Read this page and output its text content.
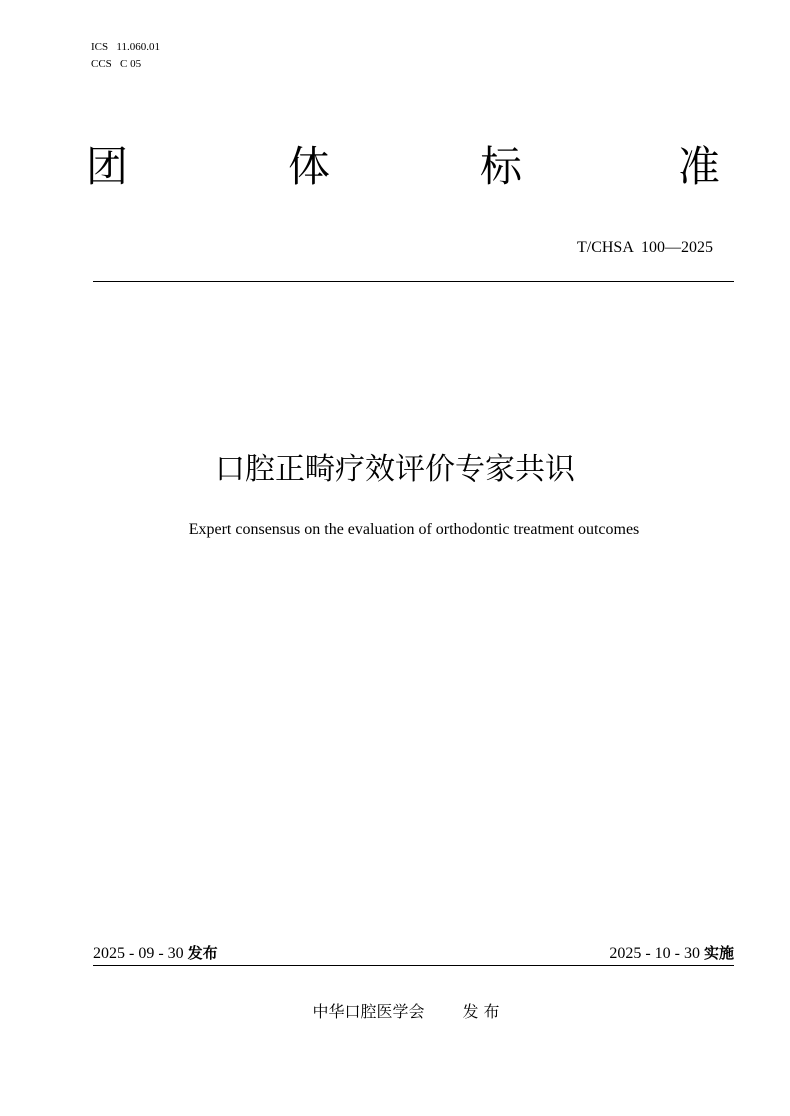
ICS   11.060.01
CCS   C 05
团	体	标	准
T/CHSA  100—2025
口腔正畸疗效评价专家共识
Expert consensus on the evaluation of orthodontic treatment outcomes
2025 - 09 - 30 发布	2025 - 10 - 30 实施
中华口腔医学会 发 布
